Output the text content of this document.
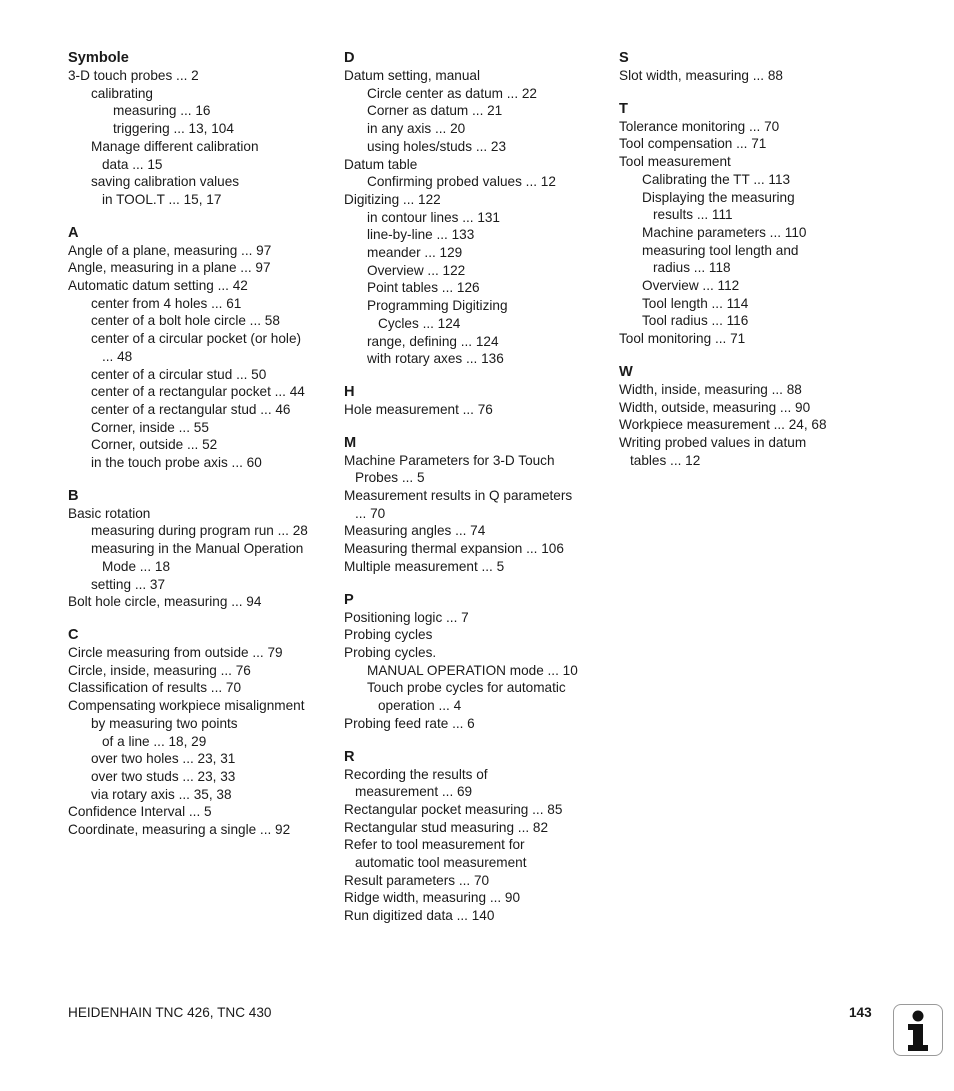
Symbole
3-D touch probes ... 2
calibrating
measuring ... 16
triggering ... 13, 104
Manage different calibration
data ... 15
saving calibration values
in TOOL.T ... 15, 17
A
Angle of a plane, measuring ... 97
Angle, measuring in a plane ... 97
Automatic datum setting ... 42
center from 4 holes ... 61
center of a bolt hole circle ... 58
center of a circular pocket (or hole)
... 48
center of a circular stud ... 50
center of a rectangular pocket ... 44
center of a rectangular stud ... 46
Corner, inside ... 55
Corner, outside ... 52
in the touch probe axis ... 60
B
Basic rotation
measuring during program run ... 28
measuring in the Manual Operation
Mode ... 18
setting ... 37
Bolt hole circle, measuring ... 94
C
Circle measuring from outside ... 79
Circle, inside, measuring ... 76
Classification of results ... 70
Compensating workpiece misalignment
by measuring two points
of a line ... 18, 29
over two holes ... 23, 31
over two studs ... 23, 33
via rotary axis ... 35, 38
Confidence Interval ... 5
Coordinate, measuring a single ... 92
D
Datum setting, manual
Circle center as datum ... 22
Corner as datum ... 21
in any axis ... 20
using holes/studs ... 23
Datum table
Confirming probed values ... 12
Digitizing ... 122
in contour lines ... 131
line-by-line ... 133
meander ... 129
Overview ... 122
Point tables ... 126
Programming Digitizing
Cycles ... 124
range, defining ... 124
with rotary axes ... 136
H
Hole measurement ... 76
M
Machine Parameters for 3-D Touch
Probes ... 5
Measurement results in Q parameters
... 70
Measuring angles ... 74
Measuring thermal expansion ... 106
Multiple measurement ... 5
P
Positioning logic ... 7
Probing cycles
Probing cycles.
MANUAL OPERATION mode ... 10
Touch probe cycles for automatic
operation ... 4
Probing feed rate ... 6
R
Recording the results of
measurement ... 69
Rectangular pocket measuring ... 85
Rectangular stud measuring ... 82
Refer to tool measurement for
automatic tool measurement
Result parameters ... 70
Ridge width, measuring ... 90
Run digitized data ... 140
S
Slot width, measuring ... 88
T
Tolerance monitoring ... 70
Tool compensation ... 71
Tool measurement
Calibrating the TT ... 113
Displaying the measuring
results ... 111
Machine parameters ... 110
measuring tool length and
radius ... 118
Overview ... 112
Tool length ... 114
Tool radius ... 116
Tool monitoring ... 71
W
Width, inside, measuring ... 88
Width, outside, measuring ... 90
Workpiece measurement ... 24, 68
Writing probed values in datum
tables ... 12
HEIDENHAIN TNC 426, TNC 430	143
